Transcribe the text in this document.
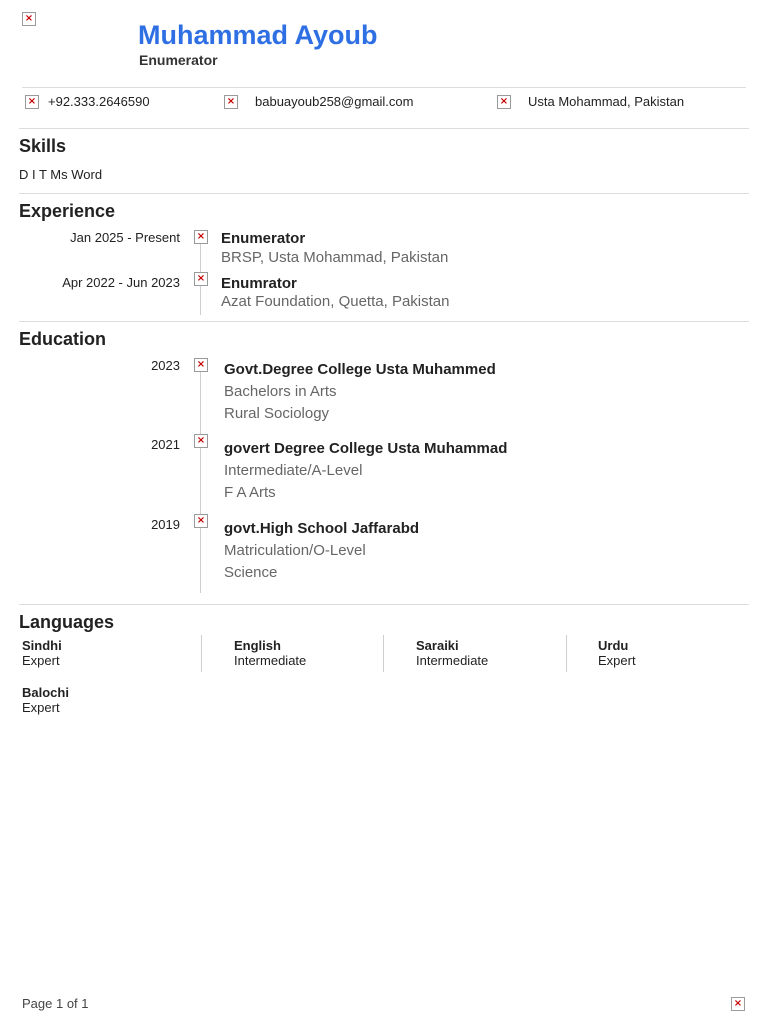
×
Muhammad Ayoub
Enumerator
× +92.333.2646590	× babuayoub258@gmail.com	× Usta Mohammad, Pakistan
Skills
D I T Ms Word
Experience
Jan 2025 - Present × Enumerator
BRSP, Usta Mohammad, Pakistan
Apr 2022 - Jun 2023 × Enumrator
Azat Foundation, Quetta, Pakistan
Education
2023 × Govt.Degree College Usta Muhammed
Bachelors in Arts
Rural Sociology
2021 × govert Degree College Usta Muhammad
Intermediate/A-Level
F A Arts
2019 × govt.High School Jaffarabd
Matriculation/O-Level
Science
Languages
Sindhi
Expert
English
Intermediate
Saraiki
Intermediate
Urdu
Expert
Balochi
Expert
Page 1 of 1	×
